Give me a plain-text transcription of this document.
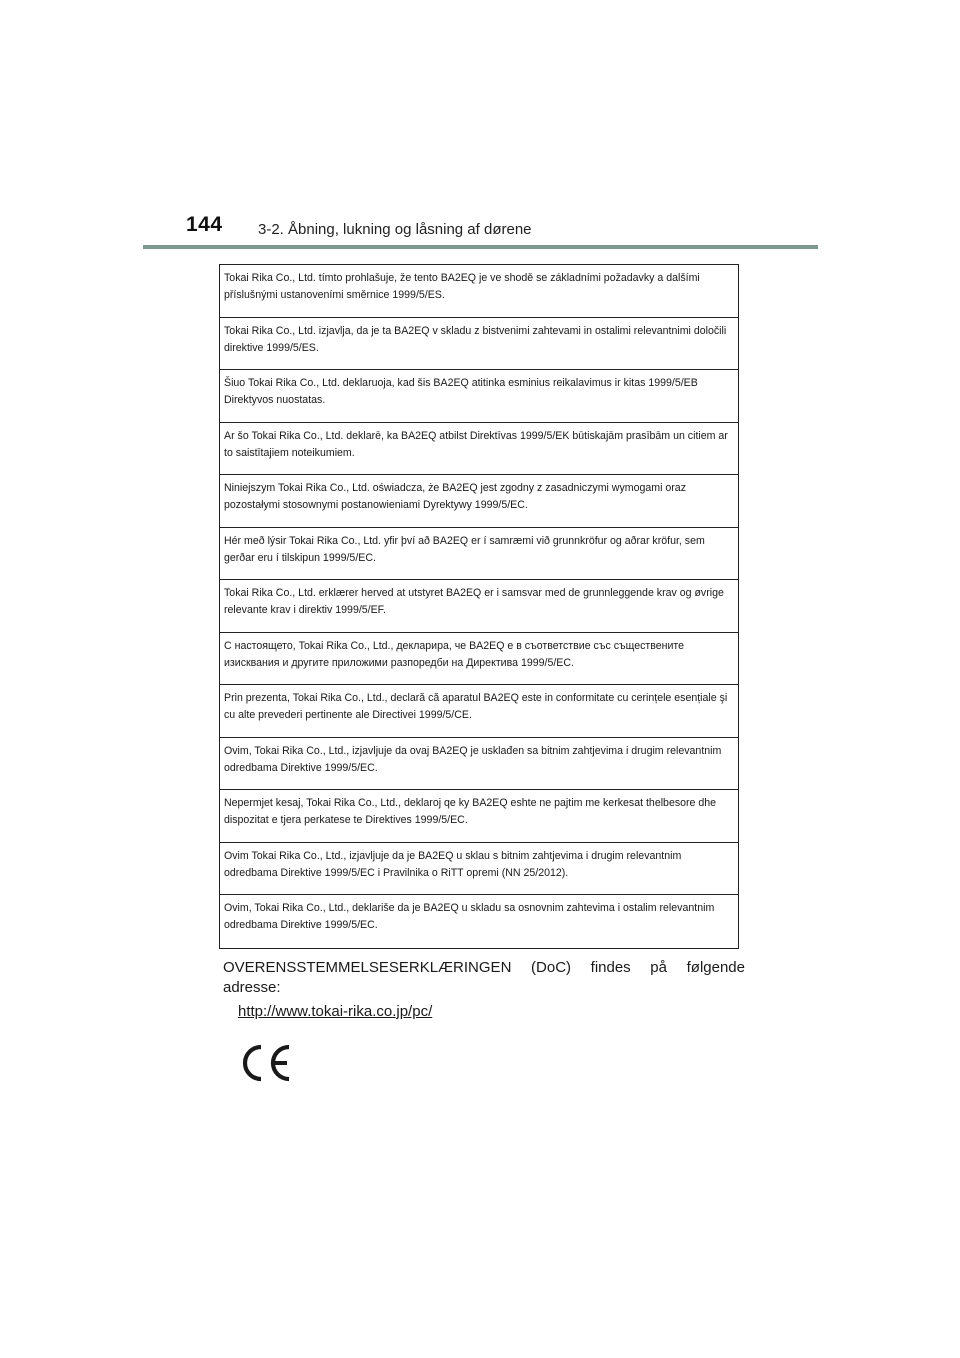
144 3-2. Åbning, lukning og låsning af dørene
Tokai Rika Co., Ltd. tímto prohlašuje, že tento BA2EQ je ve shodě se základními požadavky a dalšími příslušnými ustanoveními směrnice 1999/5/ES.
Tokai Rika Co., Ltd. izjavlja, da je ta BA2EQ v skladu z bistvenimi zahtevami in ostalimi relevantnimi določili direktive 1999/5/ES.
Šiuo Tokai Rika Co., Ltd. deklaruoja, kad šis BA2EQ atitinka esminius reikalavimus ir kitas 1999/5/EB Direktyvos nuostatas.
Ar šo Tokai Rika Co., Ltd. deklarē, ka BA2EQ atbilst Direktīvas 1999/5/EK būtiskajām prasībām un citiem ar to saistītajiem noteikumiem.
Niniejszym Tokai Rika Co., Ltd. oświadcza, że BA2EQ jest zgodny z zasadniczymi wymogami oraz pozostałymi stosownymi postanowieniami Dyrektywy 1999/5/EC.
Hér með lýsir Tokai Rika Co., Ltd. yfir því að BA2EQ er í samræmi við grunnkröfur og aðrar kröfur, sem gerðar eru í tilskipun 1999/5/EC.
Tokai Rika Co., Ltd. erklærer herved at utstyret BA2EQ er i samsvar med de grunnleggende krav og øvrige relevante krav i direktiv 1999/5/EF.
С настоящето, Tokai Rika Co., Ltd., декларира, че BA2EQ е в съответствие със съществените изисквания и другите приложими разпоредби на Директива 1999/5/EC.
Prin prezenta, Tokai Rika Co., Ltd., declară că aparatul BA2EQ este in conformitate cu cerințele esențiale şi cu alte prevederi pertinente ale Directivei 1999/5/CE.
Ovim, Tokai Rika Co., Ltd., izjavljuje da ovaj BA2EQ je usklađen sa bitnim zahtjevima i drugim relevantnim odredbama Direktive 1999/5/EC.
Nepermjet kesaj, Tokai Rika Co., Ltd., deklaroj qe ky BA2EQ eshte ne pajtim me kerkesat thelbesore dhe dispozitat e tjera perkatese te Direktives 1999/5/EC.
Ovim Tokai Rika Co., Ltd., izjavljuje da je BA2EQ u sklau s bitnim zahtjevima i drugim relevantnim odredbama Direktive 1999/5/EC i Pravilnika o RiTT opremi (NN 25/2012).
Ovim, Tokai Rika Co., Ltd., deklariše da je BA2EQ u skladu sa osnovnim zahtevima i ostalim relevantnim odredbama Direktive 1999/5/EC.
OVERENSSTEMMELSESERKLÆRINGEN (DoC) findes på følgende
adresse:
http://www.tokai-rika.co.jp/pc/
